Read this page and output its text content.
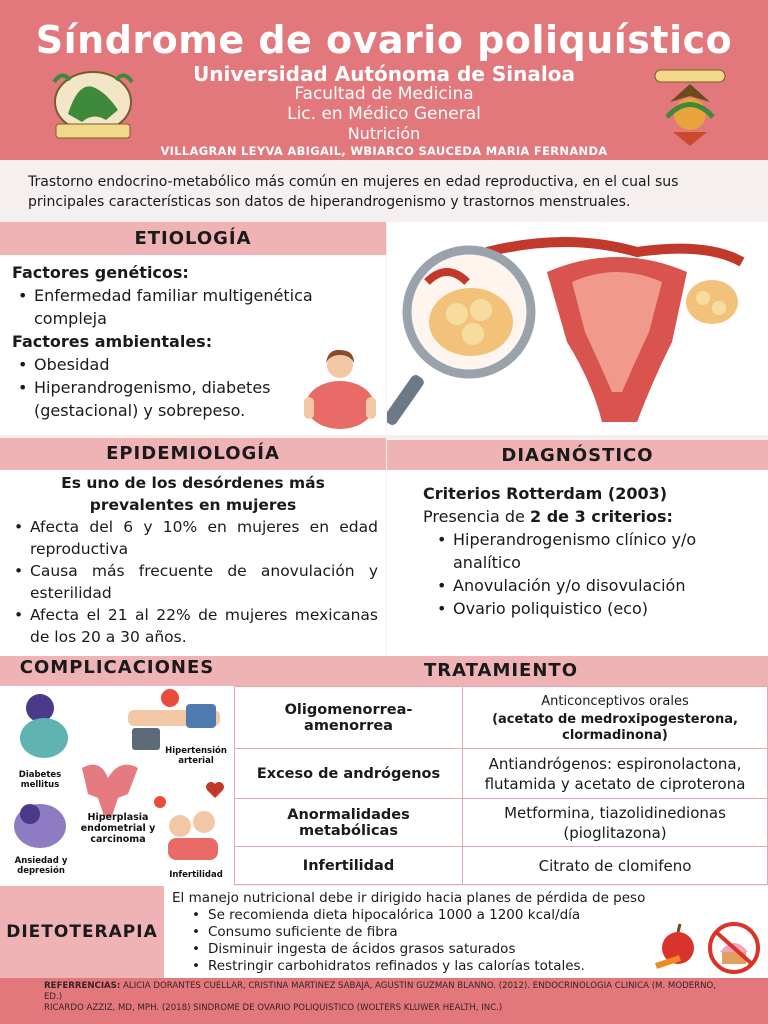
Síndrome de ovario poliquístico
Universidad Autónoma de Sinaloa
Facultad de Medicina
Lic. en Médico General
Nutrición
VILLAGRAN LEYVA ABIGAIL, WBIARCO SAUCEDA MARIA FERNANDA
Trastorno endocrino-metabólico más común en mujeres en edad reproductiva, en el cual sus principales características son datos de hiperandrogenismo y trastornos menstruales.
ETIOLOGÍA
Factores genéticos:
• Enfermedad familiar multigenética compleja
Factores ambientales:
• Obesidad
• Hiperandrogenismo, diabetes (gestacional) y sobrepeso.
EPIDEMIOLOGÍA
Es uno de los desórdenes más prevalentes en mujeres
• Afecta del 6 y 10% en mujeres en edad reproductiva
• Causa más frecuente de anovulación y esterilidad
• Afecta el 21 al 22% de mujeres mexicanas de los 20 a 30 años.
DIAGNÓSTICO
Criterios Rotterdam (2003)
Presencia de 2 de 3 criterios:
• Hiperandrogenismo clínico y/o analítico
• Anovulación y/o disovulación
• Ovario poliquistico (eco)
COMPLICACIONES	TRATAMIENTO
Diabetes mellitus
Hipertensión arterial
Hiperplasia endometrial y carcinoma
Ansiedad y depresión	Infertilidad
Oligomenorrea-amenorrea	Anticonceptivos orales
(acetato de medroxipogesterona, clormadinona)

Exceso de andrógenos	Antiandrógenos: espironolactona, flutamida y acetato de ciproterona
Anormalidades metabólicas	Metformina, tiazolidinedionas (pioglitazona)
Infertilidad	Citrato de clomifeno
DIETOTERAPIA
El manejo nutricional debe ir dirigido hacia planes de pérdida de peso
• Se recomienda dieta hipocalórica 1000 a 1200 kcal/día
• Consumo suficiente de fibra
• Disminuir ingesta de ácidos grasos saturados
• Restringir carbohidratos refinados y las calorías totales.
REFERRENCIAS: ALICIA DORANTES CUELLAR, CRISTINA MARTINEZ SABAJA, AGUSTIN GUZMAN BLANNO. (2012). ENDOCRINOLOGIA CLINICA (M. MODERNO, ED.)
RICARDO AZZIZ, MD, MPH. (2018) SINDROME DE OVARIO POLIQUISTICO (WOLTERS KLUWER HEALTH, INC.)
